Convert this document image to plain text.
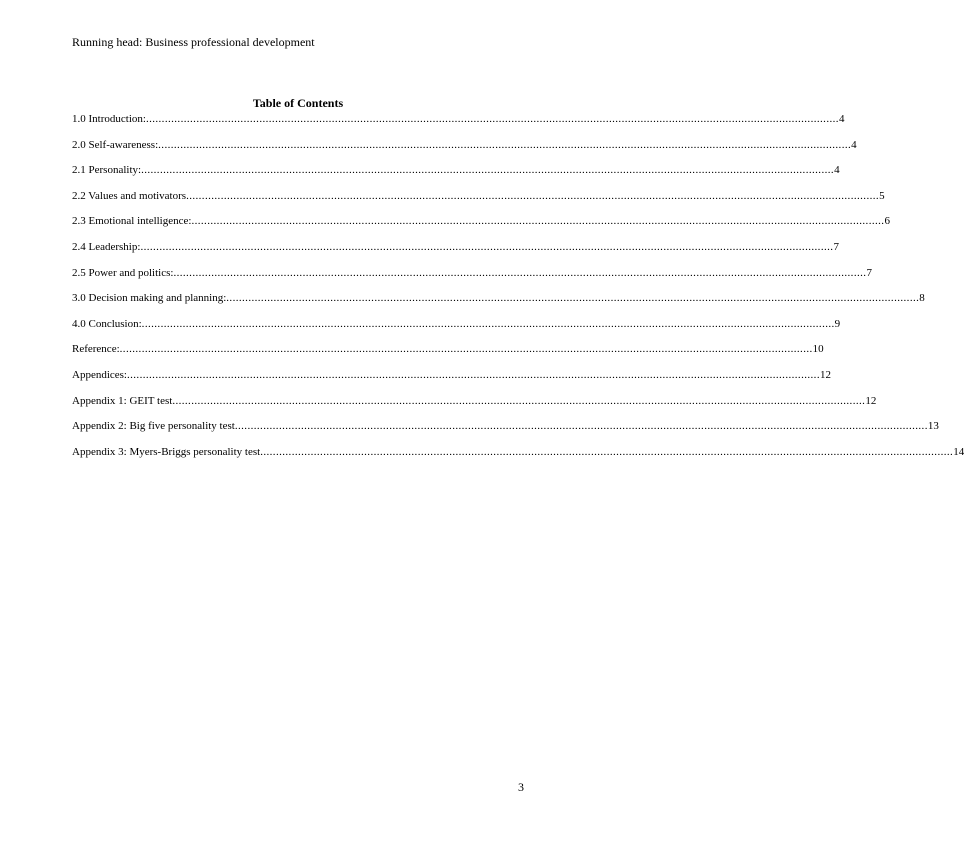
Running head: Business professional development
Table of Contents
1.0 Introduction: ............................................................................................................................................................................................................................ 4
2.0 Self-awareness: ............................................................................................................................................................................................................................ 4
2.1 Personality: ............................................................................................................................................................................................................................ 4
2.2 Values and motivators ............................................................................................................................................................................................................................ 5
2.3 Emotional intelligence: ............................................................................................................................................................................................................................ 6
2.4 Leadership: ............................................................................................................................................................................................................................ 7
2.5 Power and politics: ............................................................................................................................................................................................................................ 7
3.0 Decision making and planning: ............................................................................................................................................................................................................................ 8
4.0 Conclusion: ............................................................................................................................................................................................................................ 9
Reference: ............................................................................................................................................................................................................................ 10
Appendices: ............................................................................................................................................................................................................................ 12
Appendix 1: GEIT test ............................................................................................................................................................................................................................ 12
Appendix 2: Big five personality test ............................................................................................................................................................................................................................ 13
Appendix 3: Myers-Briggs personality test ............................................................................................................................................................................................................................ 14
3
